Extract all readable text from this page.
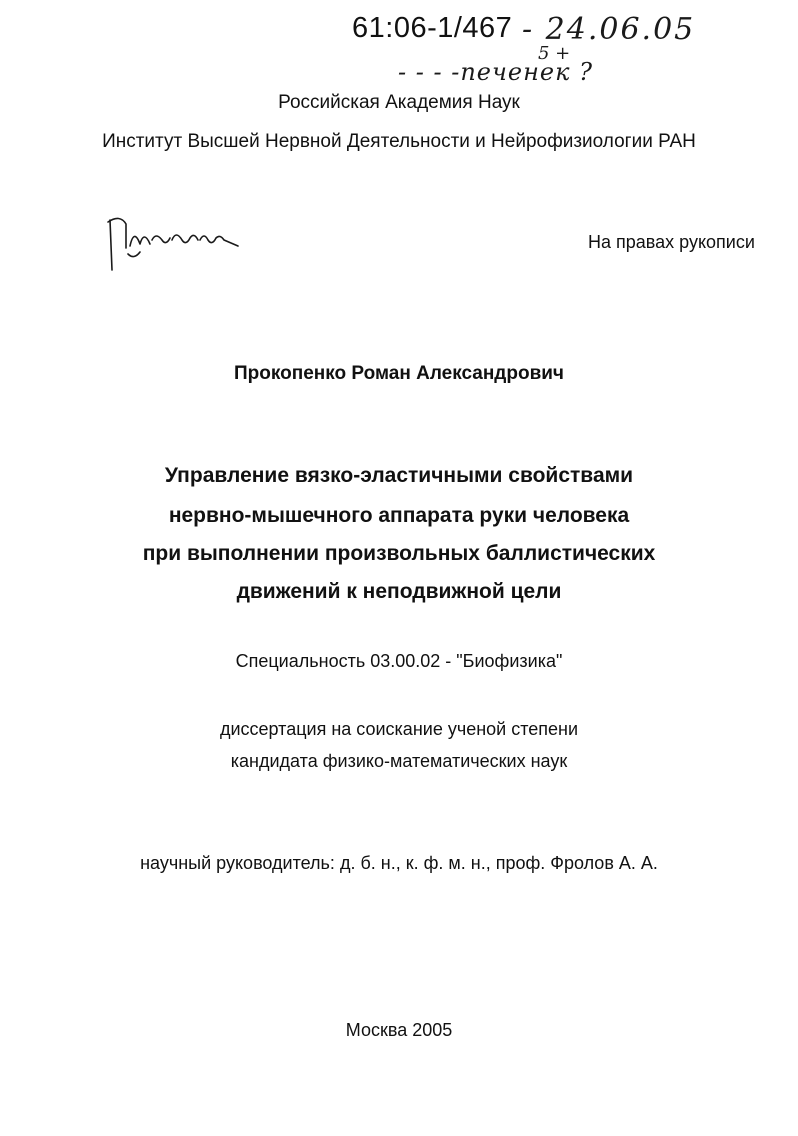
61:06-1/467 - 24.06.05
5 +
- - - -печенек ?
Российская Академия Наук
Институт Высшей Нервной Деятельности и Нейрофизиологии РАН
На правах рукописи
Прокопенко Роман Александрович
Управление вязко-эластичными свойствами
нервно-мышечного аппарата руки человека
при выполнении произвольных баллистических
движений к неподвижной цели
Специальность 03.00.02 - "Биофизика"
диссертация на соискание ученой степени
кандидата физико-математических наук
научный руководитель: д. б. н., к. ф. м. н., проф. Фролов А. А.
Москва 2005
